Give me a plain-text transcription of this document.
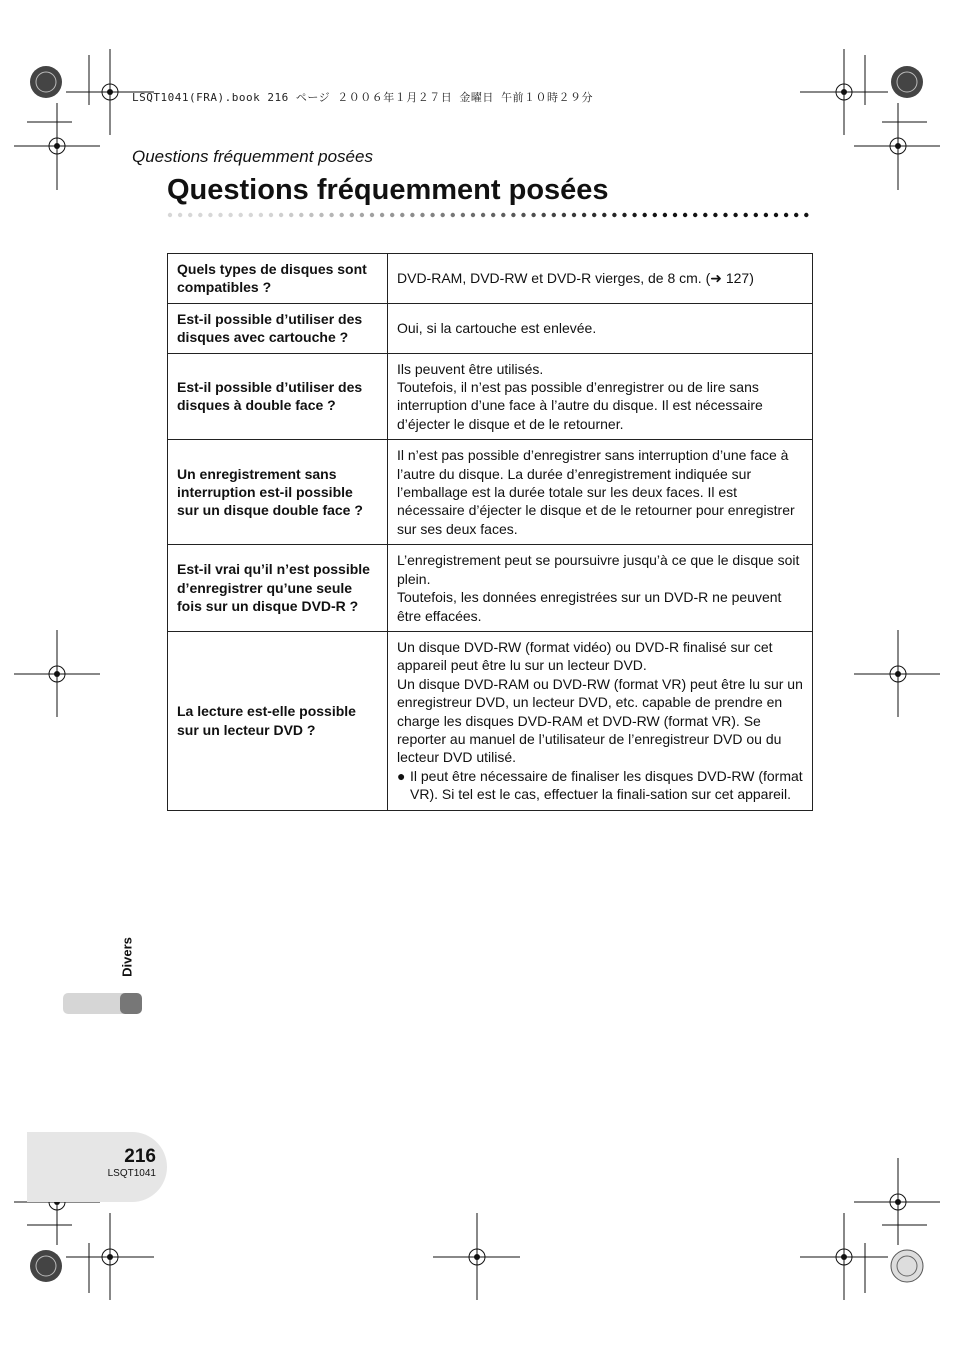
LSQT1041(FRA).book 216 ページ ２００６年１月２７日 金曜日 午前１０時２９分
Questions fréquemment posées
Questions fréquemment posées
Quels types de disques sont compatibles ?	DVD-RAM, DVD-RW et DVD-R vierges, de 8 cm. (➜ 127)

Est-il possible d’utiliser des disques avec cartouche ?	Oui, si la cartouche est enlevée.

Est-il possible d’utiliser des disques à double face ?	Ils peuvent être utilisés.
Toutefois, il n’est pas possible d’enregistrer ou de lire sans interruption d’une face à l’autre du disque. Il est nécessaire d’éjecter le disque et de le retourner.

Un enregistrement sans interruption est-il possible sur un disque double face ?	Il n’est pas possible d’enregistrer sans interruption d’une face à l’autre du disque. La durée d’enregistrement indiquée sur l’emballage est la durée totale sur les deux faces. Il est nécessaire d’éjecter le disque et de le retourner pour enregistrer sur ses deux faces.

Est-il vrai qu’il n’est possible d’enregistrer qu’une seule fois sur un disque DVD-R ?	L’enregistrement peut se poursuivre jusqu’à ce que le disque soit plein.
Toutefois, les données enregistrées sur un DVD-R ne peuvent être effacées.

La lecture est-elle possible sur un lecteur DVD ?	Un disque DVD-RW (format vidéo) ou DVD-R finalisé sur cet appareil peut être lu sur un lecteur DVD.
Un disque DVD-RAM ou DVD-RW (format VR) peut être lu sur un enregistreur DVD, un lecteur DVD, etc. capable de prendre en charge les disques DVD-RAM et DVD-RW (format VR). Se reporter au manuel de l’utilisateur de l’enregistreur DVD ou du lecteur DVD utilisé.
● Il peut être nécessaire de finaliser les disques DVD-RW (format VR). Si tel est le cas, effectuer la finali-sation sur cet appareil.
Divers
216
LSQT1041
